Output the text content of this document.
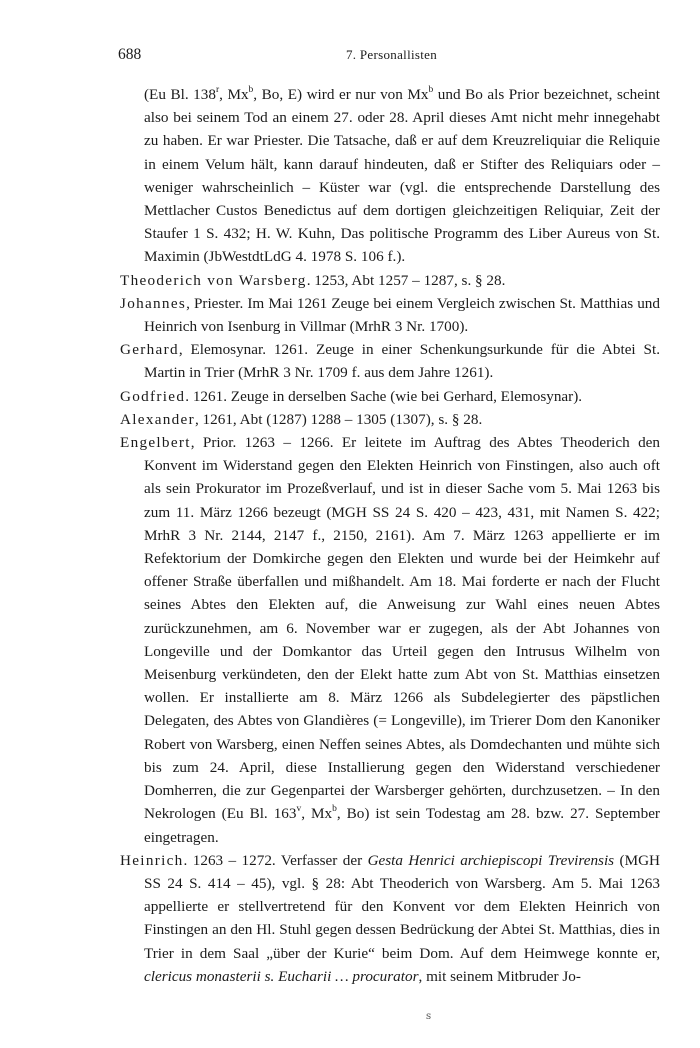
688	7. Personallisten

(Eu Bl. 138$^r$, Mx$^b$, Bo, E) wird er nur von Mx$^b$ und Bo als Prior bezeichnet, scheint also bei seinem Tod an einem 27. oder 28. April dieses Amt nicht mehr innegehabt zu haben. Er war Priester. Die Tatsache, daß er auf dem Kreuzreliquiar die Reliquie in einem Velum hält, kann darauf hindeuten, daß er Stifter des Reliquiars oder – weniger wahrscheinlich – Küster war (vgl. die entsprechende Darstellung des Mettlacher Custos Benedictus auf dem dortigen gleichzeitigen Reliquiar, Zeit der Staufer 1 S. 432; H. W. Kuhn, Das politische Programm des Liber Aureus von St. Maximin (JbWestdtLdG 4. 1978 S. 106 f.).

Theoderich von Warsberg. 1253, Abt 1257 – 1287, s. § 28.

Johannes, Priester. Im Mai 1261 Zeuge bei einem Vergleich zwischen St. Matthias und Heinrich von Isenburg in Villmar (MrhR 3 Nr. 1700).

Gerhard, Elemosynar. 1261. Zeuge in einer Schenkungsurkunde für die Abtei St. Martin in Trier (MrhR 3 Nr. 1709 f. aus dem Jahre 1261).

Godfried. 1261. Zeuge in derselben Sache (wie bei Gerhard, Elemosynar).

Alexander, 1261, Abt (1287) 1288 – 1305 (1307), s. § 28.

Engelbert, Prior. 1263 – 1266. Er leitete im Auftrag des Abtes Theoderich den Konvent im Widerstand gegen den Elekten Heinrich von Finstingen, also auch oft als sein Prokurator im Prozeßverlauf, und ist in dieser Sache vom 5. Mai 1263 bis zum 11. März 1266 bezeugt (MGH SS 24 S. 420 – 423, 431, mit Namen S. 422; MrhR 3 Nr. 2144, 2147 f., 2150, 2161). Am 7. März 1263 appellierte er im Refektorium der Domkirche gegen den Elekten und wurde bei der Heimkehr auf offener Straße überfallen und mißhandelt. Am 18. Mai forderte er nach der Flucht seines Abtes den Elekten auf, die Anweisung zur Wahl eines neuen Abtes zurückzunehmen, am 6. November war er zugegen, als der Abt Johannes von Longeville und der Domkantor das Urteil gegen den Intrusus Wilhelm von Meisenburg verkündeten, den der Elekt hatte zum Abt von St. Matthias einsetzen wollen. Er installierte am 8. März 1266 als Subdelegierter des päpstlichen Delegaten, des Abtes von Glandières (= Longeville), im Trierer Dom den Kanoniker Robert von Warsberg, einen Neffen seines Abtes, als Domdechanten und mühte sich bis zum 24. April, diese Installierung gegen den Widerstand verschiedener Domherren, die zur Gegenpartei der Warsberger gehörten, durchzusetzen. – In den Nekrologen (Eu Bl. 163$^v$, Mx$^b$, Bo) ist sein Todestag am 28. bzw. 27. September eingetragen.

Heinrich. 1263 – 1272. Verfasser der Gesta Henrici archiepiscopi Trevirensis (MGH SS 24 S. 414 – 45), vgl. § 28: Abt Theoderich von Warsberg. Am 5. Mai 1263 appellierte er stellvertretend für den Konvent vor dem Elekten Heinrich von Finstingen an den Hl. Stuhl gegen dessen Bedrückung der Abtei St. Matthias, dies in Trier in dem Saal „über der Kurie“ beim Dom. Auf dem Heimwege konnte er, clericus monasterii s. Eucharii … procurator, mit seinem Mitbruder Jo-

ꜱ
